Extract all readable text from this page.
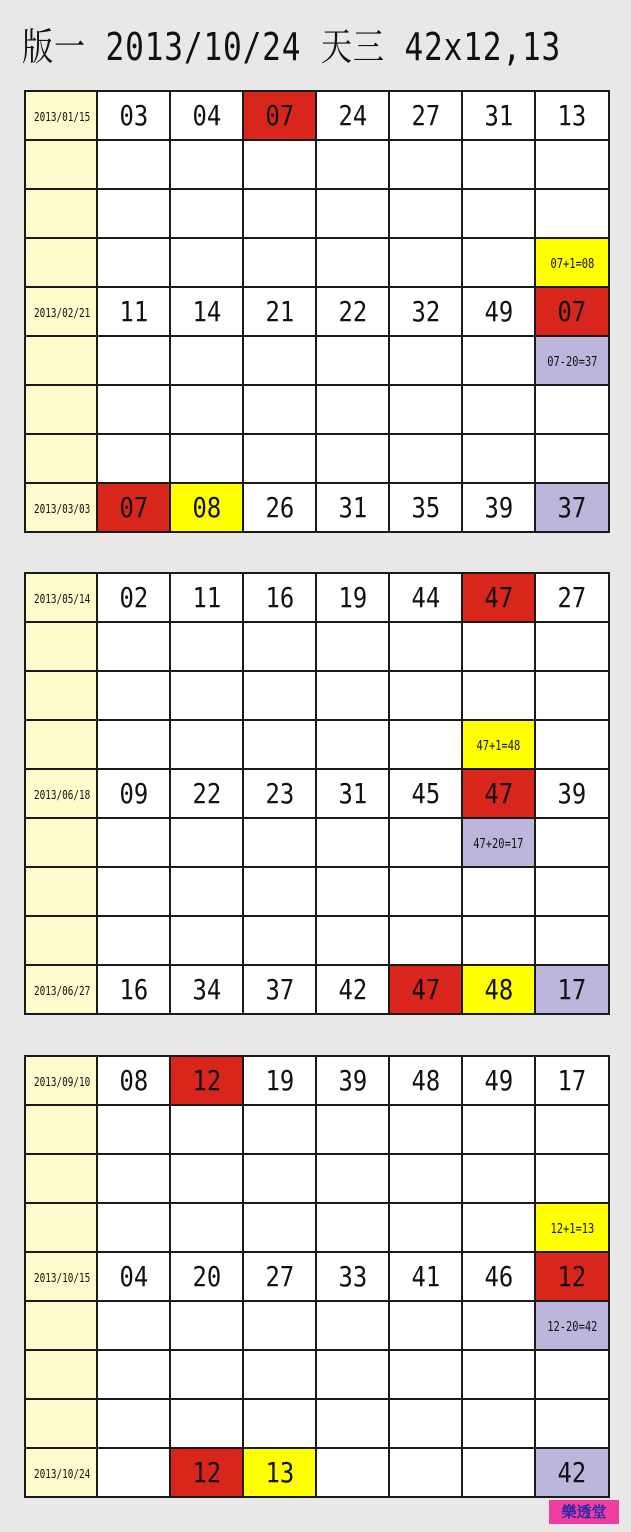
版一 2013/10/24 天三 42x12,13
2013/01/15	03	04	07	24	27	31	13

							07+1=08
2013/02/21	11	14	21	22	32	49	07
							07-20=37

2013/03/03	07	08	26	31	35	39	37
2013/05/14	02	11	16	19	44	47	27

						47+1=48	
2013/06/18	09	22	23	31	45	47	39
						47+20=17	

2013/06/27	16	34	37	42	47	48	17
2013/09/10	08	12	19	39	48	49	17

							12+1=13
2013/10/15	04	20	27	33	41	46	12
							12-20=42

2013/10/24		12	13				42
樂透堂
